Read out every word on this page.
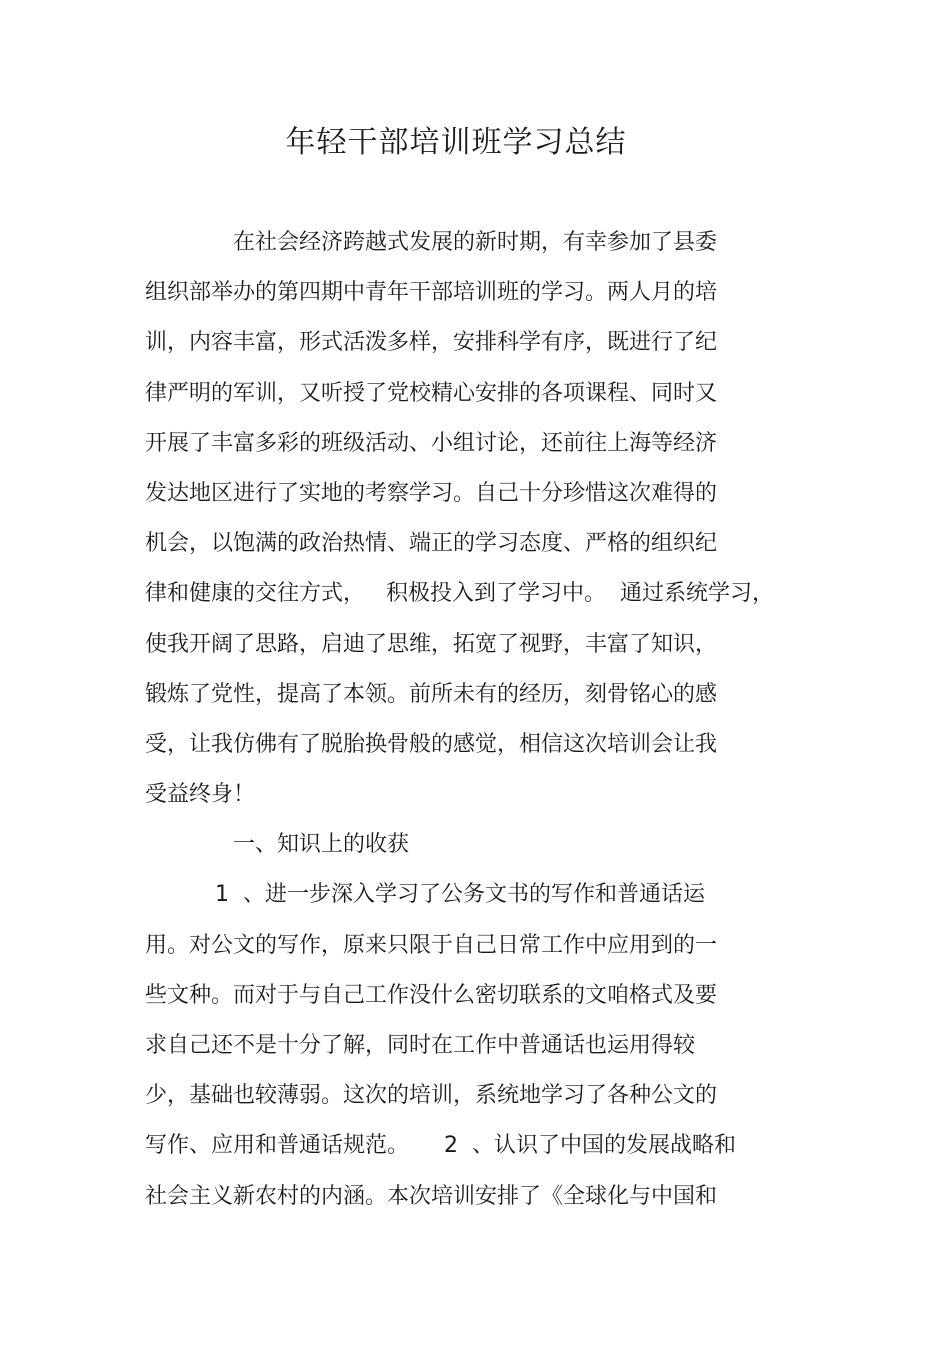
年轻干部培训班学习总结
在社会经济跨越式发展的新时期，有幸参加了县委
组织部举办的第四期中青年干部培训班的学习。两人月的培
训，内容丰富，形式活泼多样，安排科学有序，既进行了纪
律严明的军训，又听授了党校精心安排的各项课程、同时又
开展了丰富多彩的班级活动、小组讨论，还前往上海等经济
发达地区进行了实地的考察学习。自己十分珍惜这次难得的
机会，以饱满的政治热情、端正的学习态度、严格的组织纪
律和健康的交往方式，   积极投入到了学习中。  通过系统学习，
使我开阔了思路，启迪了思维，拓宽了视野，丰富了知识，
锻炼了党性，提高了本领。前所未有的经历，刻骨铭心的感
受，让我仿佛有了脱胎换骨般的感觉，相信这次培训会让我
受益终身！
一、知识上的收获
1  、进一步深入学习了公务文书的写作和普通话运
用。对公文的写作，原来只限于自己日常工作中应用到的一
些文种。而对于与自己工作没什么密切联系的文咱格式及要
求自己还不是十分了解，同时在工作中普通话也运用得较
少，基础也较薄弱。这次的培训，系统地学习了各种公文的
写作、应用和普通话规范。     2  、认识了中国的发展战略和
社会主义新农村的内涵。本次培训安排了《全球化与中国和
